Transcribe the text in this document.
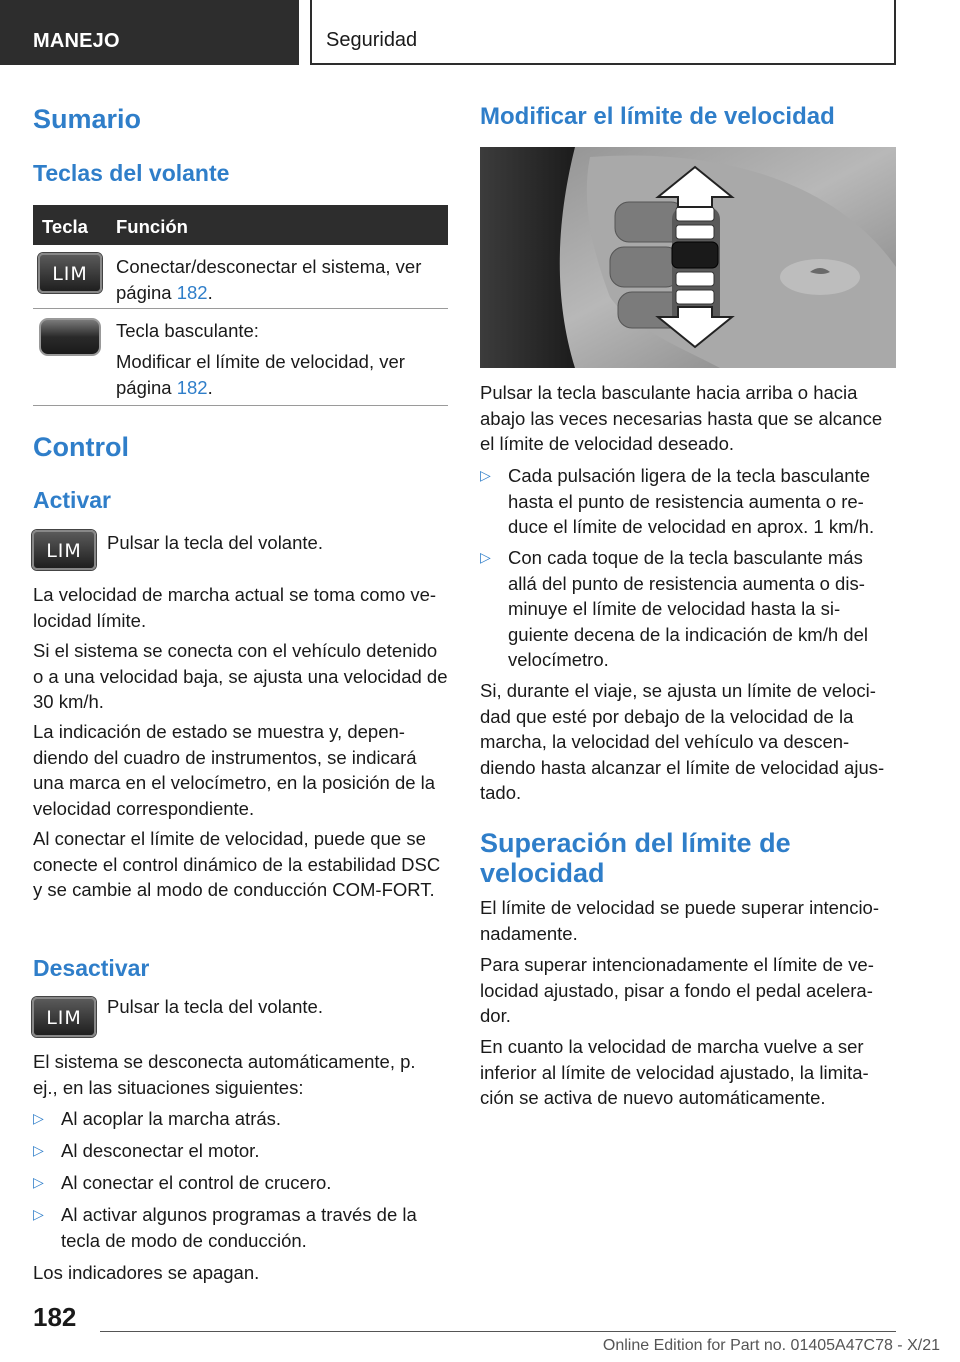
MANEJO	Seguridad
Sumario
Teclas del volante
Tecla Función
LIM	Conectar/desconectar el sistema, ver
página 182.

Tecla basculante:

Modificar el límite de velocidad, ver
página 182.

Control
Activar
LIM	Pulsar la tecla del volante.

La velocidad de marcha actual se toma como ve‐locidad límite.

Si el sistema se conecta con el vehículo detenido o a una velocidad baja, se ajusta una velocidad de 30 km/h.

La indicación de estado se muestra y, depen‐diendo del cuadro de instrumentos, se indicará una marca en el velocímetro, en la posición de la velocidad correspondiente.

Al conectar el límite de velocidad, puede que se conecte el control dinámico de la estabilidad DSC y se cambie al modo de conducción COM‐FORT.

Desactivar
LIM

Pulsar la tecla del volante.

El sistema se desconecta automáticamente, p. ej., en las situaciones siguientes:

▷ Al acoplar la marcha atrás.
▷ Al desconectar el motor.
▷ Al conectar el control de crucero.
▷ Al activar algunos programas a través de la tecla de modo de conducción.

Los indicadores se apagan.

Modificar el límite de velocidad

Pulsar la tecla basculante hacia arriba o hacia abajo las veces necesarias hasta que se alcance el límite de velocidad deseado.

▷ Cada pulsación ligera de la tecla basculante hasta el punto de resistencia aumenta o re‐duce el límite de velocidad en aprox. 1 km/h.
▷ Con cada toque de la tecla basculante más allá del punto de resistencia aumenta o dis‐minuye el límite de velocidad hasta la si‐guiente decena de la indicación de km/h del velocímetro.

Si, durante el viaje, se ajusta un límite de veloci‐dad que esté por debajo de la velocidad de la marcha, la velocidad del vehículo va descen‐diendo hasta alcanzar el límite de velocidad ajus‐tado.

Superación del límite de
velocidad

El límite de velocidad se puede superar intencio‐nadamente.

Para superar intencionadamente el límite de ve‐locidad ajustado, pisar a fondo el pedal acelera‐dor.

En cuanto la velocidad de marcha vuelve a ser inferior al límite de velocidad ajustado, la limita‐ción se activa de nuevo automáticamente.

182
Online Edition for Part no. 01405A47C78 - X/21
